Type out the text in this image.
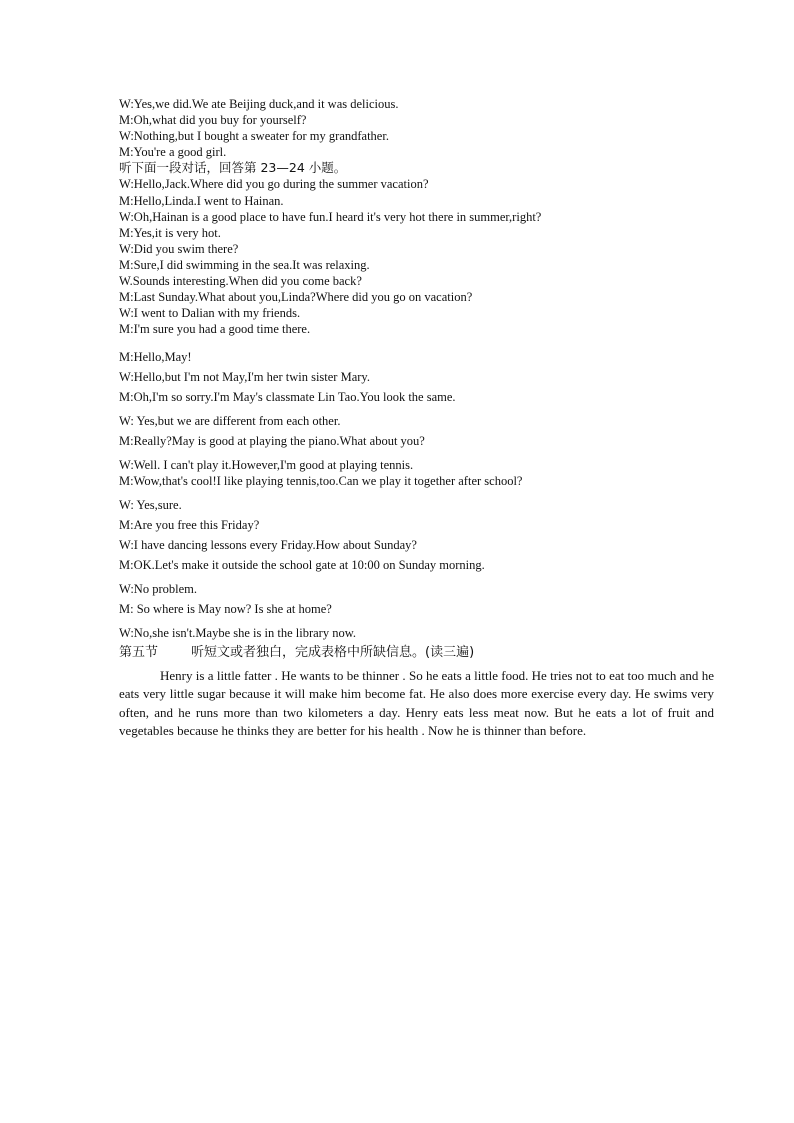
W:Yes,we did.We ate Beijing duck,and it was delicious.
M:Oh,what did you buy for yourself?
W:Nothing,but I bought a sweater for my grandfather.
M:You're a good girl.
听下面一段对话，回答第 23—24 小题。
W:Hello,Jack.Where did you go during the summer vacation?
M:Hello,Linda.I went to Hainan.
W:Oh,Hainan is a good place to have fun.I heard it's very hot there in summer,right?
M:Yes,it is very hot.
W:Did you swim there?
M:Sure,I did swimming in the sea.It was relaxing.
W.Sounds interesting.When did you come back?
M:Last Sunday.What about you,Linda?Where did you go on vacation?
W:I went to Dalian with my friends.
M:I'm sure you had a good time there.
M:Hello,May!
W:Hello,but I'm not May,I'm her twin sister Mary.
M:Oh,I'm so sorry.I'm May's classmate Lin Tao.You look the same.
W: Yes,but we are different from each other.
M:Really?May is good at playing the piano.What about you?
W:Well. I can't play it.However,I'm good at playing tennis.
M:Wow,that's cool!I like playing tennis,too.Can we play it together after school?
W: Yes,sure.
M:Are you free this Friday?
W:I have dancing lessons every Friday.How about Sunday?
M:OK.Let's make it outside the school gate at 10:00 on Sunday morning.
W:No problem.
M: So where is May now? Is she at home?
W:No,she isn't.Maybe she is in the library now.
第五节	听短文或者独白，完成表格中所缺信息。(读三遍)
Henry is a little fatter . He wants to be thinner . So he eats a little food. He tries not to eat too much and he eats very little sugar because it will make him become fat. He also does more exercise every day. He swims very often, and he runs more than two kilometers a day. Henry eats less meat now. But he eats a lot of fruit and vegetables because he thinks they are better for his health . Now he is thinner than before.
